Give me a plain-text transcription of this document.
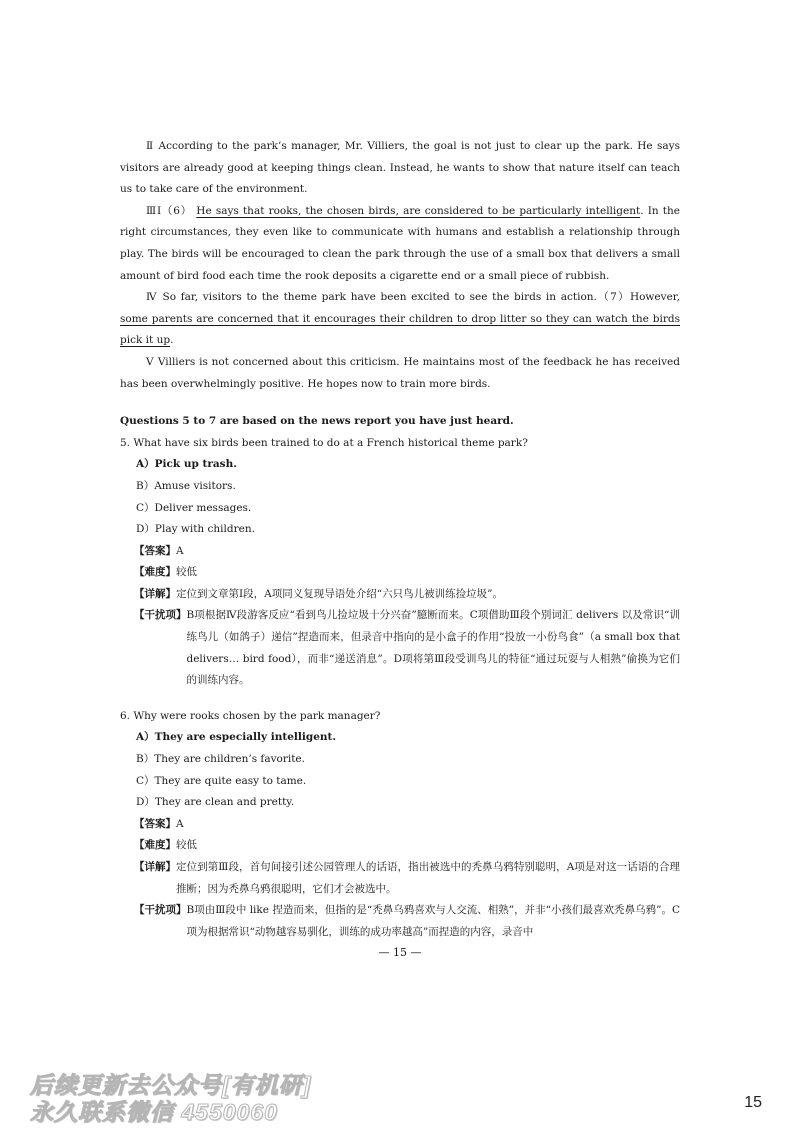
Ⅱ According to the park’s manager, Mr. Villiers, the goal is not just to clear up the park. He says visitors are already good at keeping things clean. Instead, he wants to show that nature itself can teach us to take care of the environment.

ⅢI（6） He says that rooks, the chosen birds, are considered to be particularly intelligent. In the right circumstances, they even like to communicate with humans and establish a relationship through play. The birds will be encouraged to clean the park through the use of a small box that delivers a small amount of bird food each time the rook deposits a cigarette end or a small piece of rubbish.

Ⅳ So far, visitors to the theme park have been excited to see the birds in action.（7）However, some parents are concerned that it encourages their children to drop litter so they can watch the birds pick it up.

Ⅴ Villiers is not concerned about this criticism. He maintains most of the feedback he has received has been overwhelmingly positive. He hopes now to train more birds.

Questions 5 to 7 are based on the news report you have just heard.

5. What have six birds been trained to do at a French historical theme park?

A）Pick up trash.

B）Amuse visitors.

C）Deliver messages.

D）Play with children.

【答案】 A
【难度】 较低
【详解】 定位到文章第Ⅰ段，A项同义复现导语处介绍“六只鸟儿被训练捡垃圾”。
【干扰项】 B项根据Ⅳ段游客反应“看到鸟儿捡垃圾十分兴奋”臆断而来。C项借助Ⅲ段个别词汇 delivers 以及常识“训练鸟儿（如鸽子）递信”捏造而来，但录音中指向的是小盒子的作用“投放一小份鸟食”（a small box that delivers… bird food），而非“递送消息”。D项将第Ⅲ段受训鸟儿的特征“通过玩耍与人相熟”偷换为它们的训练内容。

6. Why were rooks chosen by the park manager?

A）They are especially intelligent.

B）They are children’s favorite.

C）They are quite easy to tame.

D）They are clean and pretty.

【答案】 A
【难度】 较低
【详解】 定位到第Ⅲ段，首句间接引述公园管理人的话语，指出被选中的秃鼻乌鸦特别聪明，A项是对这一话语的合理推断；因为秃鼻乌鸦很聪明，它们才会被选中。
【干扰项】 B项由Ⅲ段中 like 捏造而来，但指的是“秃鼻乌鸦喜欢与人交流、相熟”，并非“小孩们最喜欢秃鼻乌鸦”。C项为根据常识“动物越容易驯化，训练的成功率越高”而捏造的内容，录音中
— 15 —
后续更新去公众号[有机研]
永久联系微信 4550060	15
